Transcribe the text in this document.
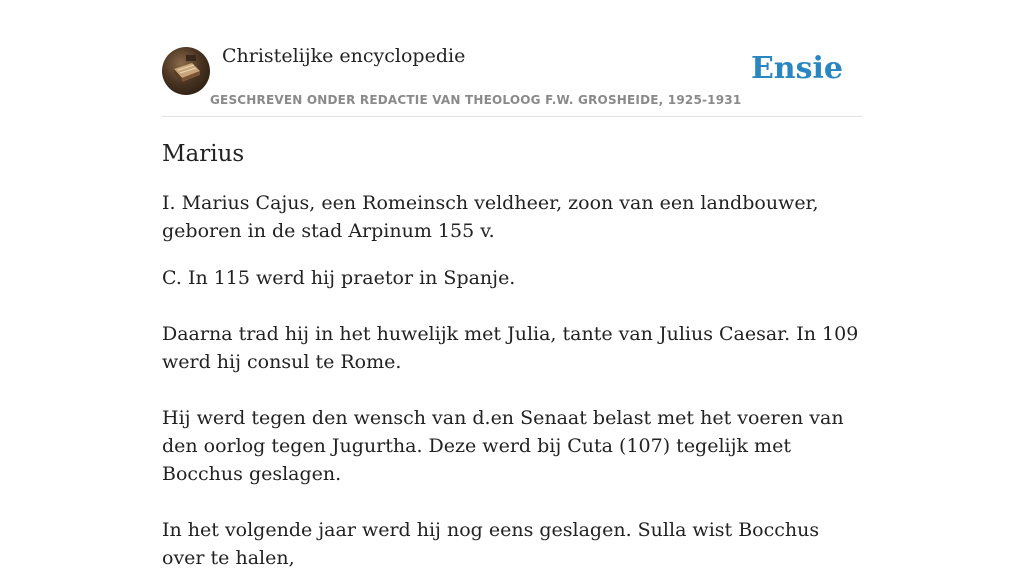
Christelijke encyclopedie
GESCHREVEN ONDER REDACTIE VAN THEOLOOG F.W. GROSHEIDE, 1925-1931
Ensie
Marius

I. Marius Cajus, een Romeinsch veldheer, zoon van een landbouwer, geboren in de stad Arpinum 155 v.

C. In 115 werd hij praetor in Spanje.

Daarna trad hij in het huwelijk met Julia, tante van Julius Caesar. In 109 werd hij consul te Rome.

Hij werd tegen den wensch van d.en Senaat belast met het voeren van den oorlog tegen Jugurtha. Deze werd bij Cuta (107) tegelijk met Bocchus geslagen.

In het volgende jaar werd hij nog eens geslagen. Sulla wist Bocchus over te halen,
